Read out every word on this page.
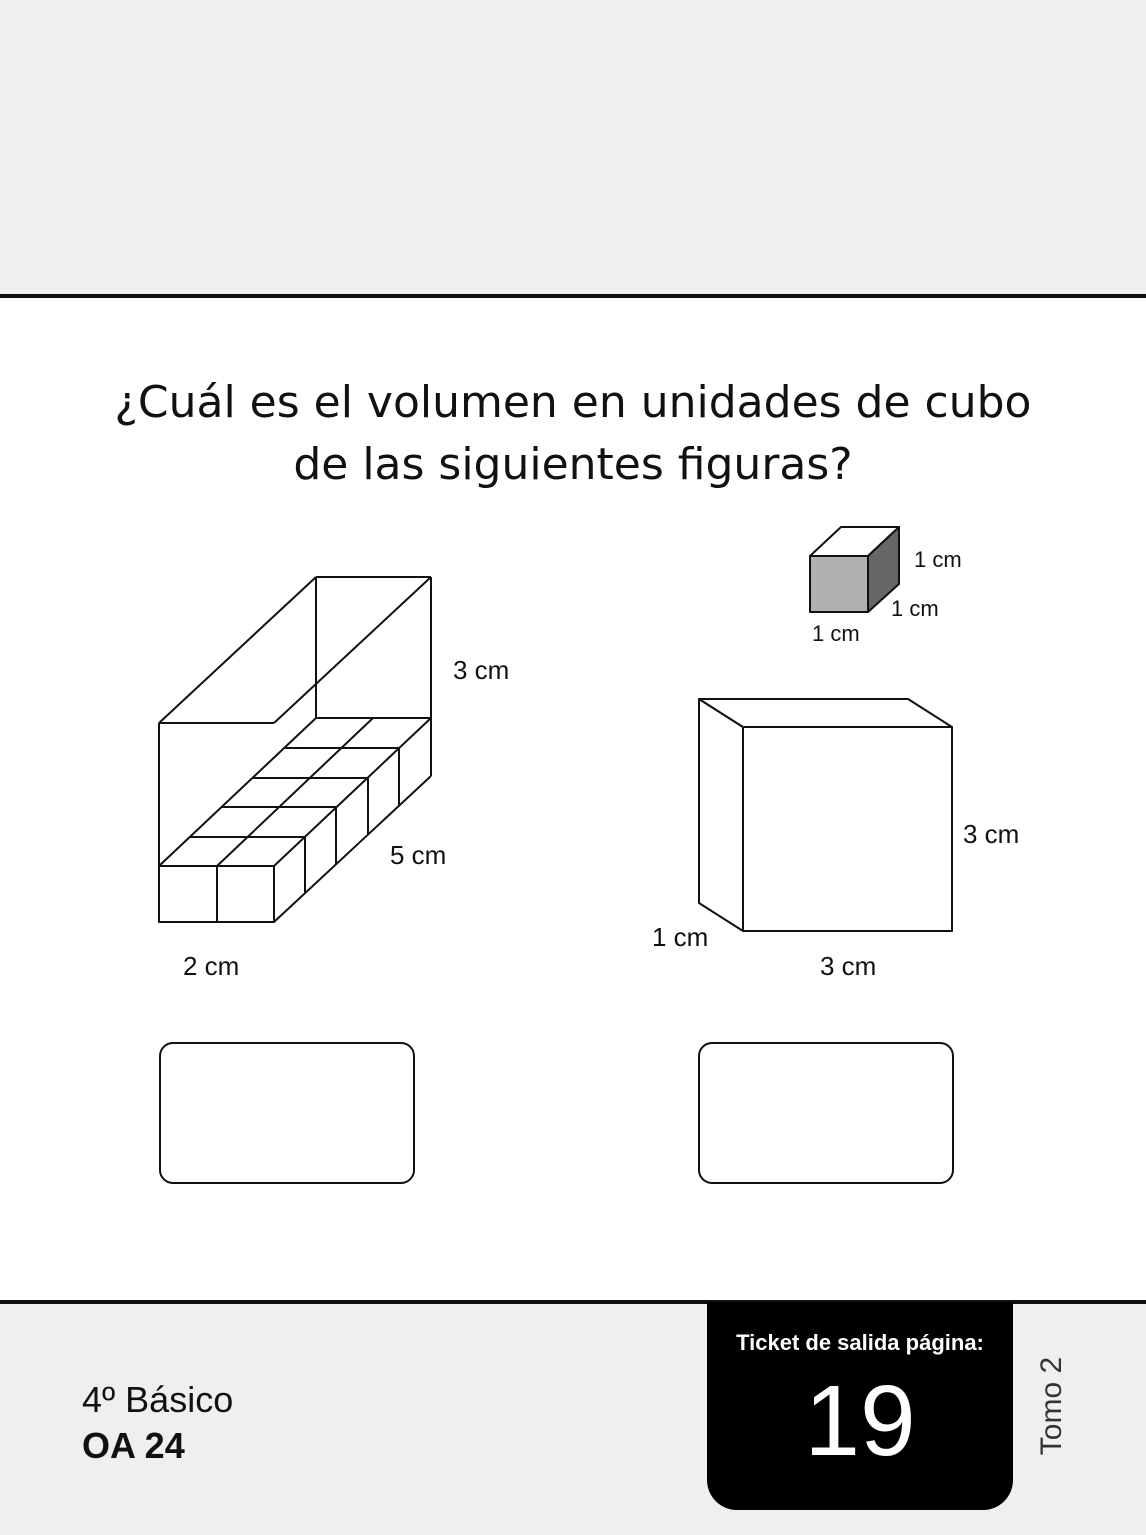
¿Cuál es el volumen en unidades de cubo
de las siguientes figuras?
3 cm
5 cm
2 cm
1 cm
1 cm
1 cm
3 cm
1 cm
3 cm
4º Básico
OA 24
Ticket de salida página:
19	Tomo 2
